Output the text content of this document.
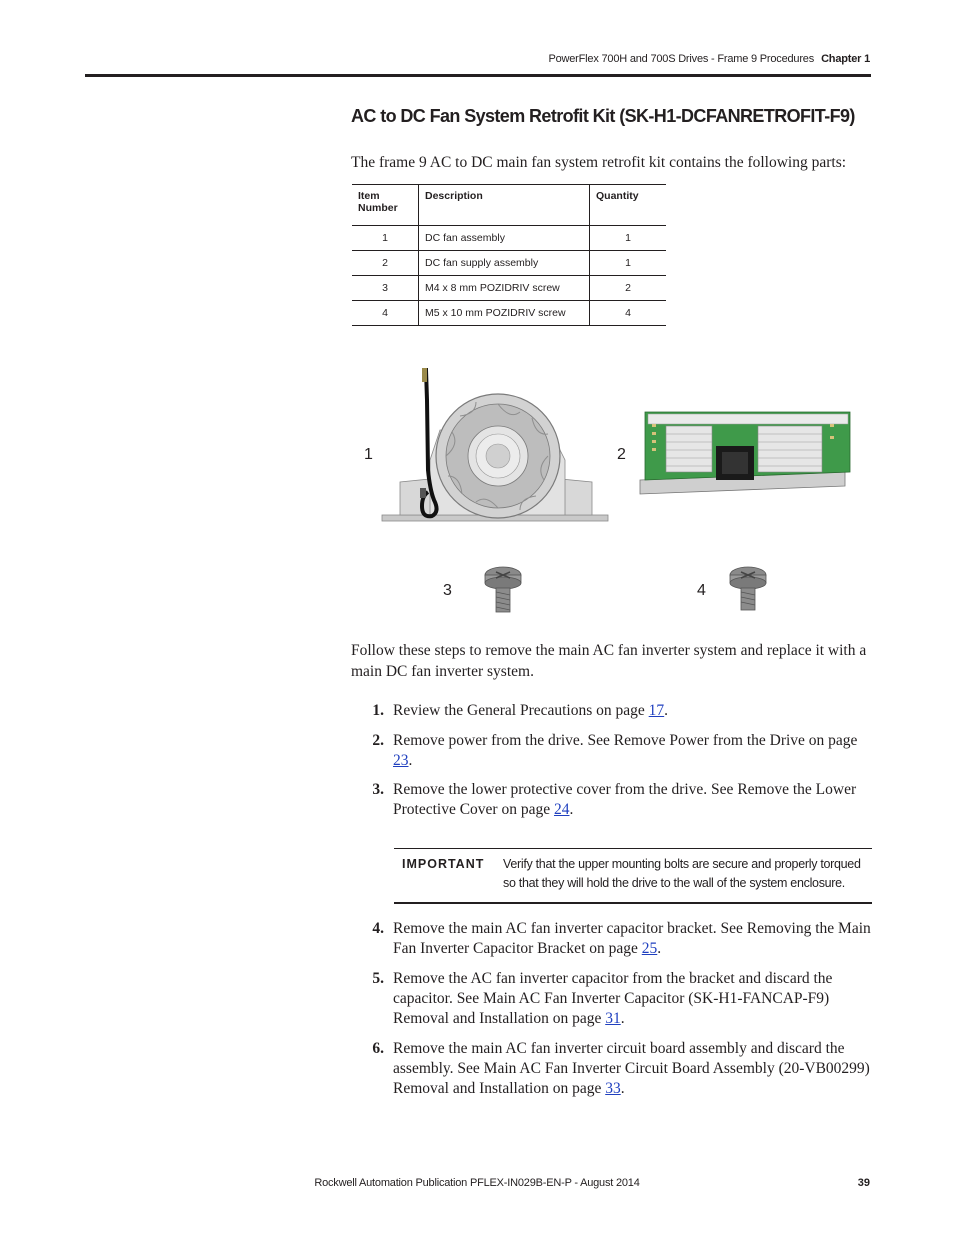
PowerFlex 700H and 700S Drives - Frame 9 Procedures Chapter 1
AC to DC Fan System Retrofit Kit (SK-H1-DCFANRETROFIT-F9)
The frame 9 AC to DC main fan system retrofit kit contains the following parts:
Item Number	Description	Quantity
1	DC fan assembly	1
2	DC fan supply assembly	1
3	M4 x 8 mm POZIDRIV screw	2
4	M5 x 10 mm POZIDRIV screw	4
1	2
3	4
Follow these steps to remove the main AC fan inverter system and replace it with a main DC fan inverter system.
1. Review the General Precautions on page 17.
2. Remove power from the drive. See Remove Power from the Drive on page 23.
3. Remove the lower protective cover from the drive. See Remove the Lower Protective Cover on page 24.
IMPORTANT Verify that the upper mounting bolts are secure and properly torqued so that they will hold the drive to the wall of the system enclosure.
4. Remove the main AC fan inverter capacitor bracket. See Removing the Main Fan Inverter Capacitor Bracket on page 25.
5. Remove the AC fan inverter capacitor from the bracket and discard the capacitor. See Main AC Fan Inverter Capacitor (SK-H1-FANCAP-F9) Removal and Installation on page 31.
6. Remove the main AC fan inverter circuit board assembly and discard the assembly. See Main AC Fan Inverter Circuit Board Assembly (20-VB00299) Removal and Installation on page 33.
Rockwell Automation Publication PFLEX-IN029B-EN-P - August 2014	39
